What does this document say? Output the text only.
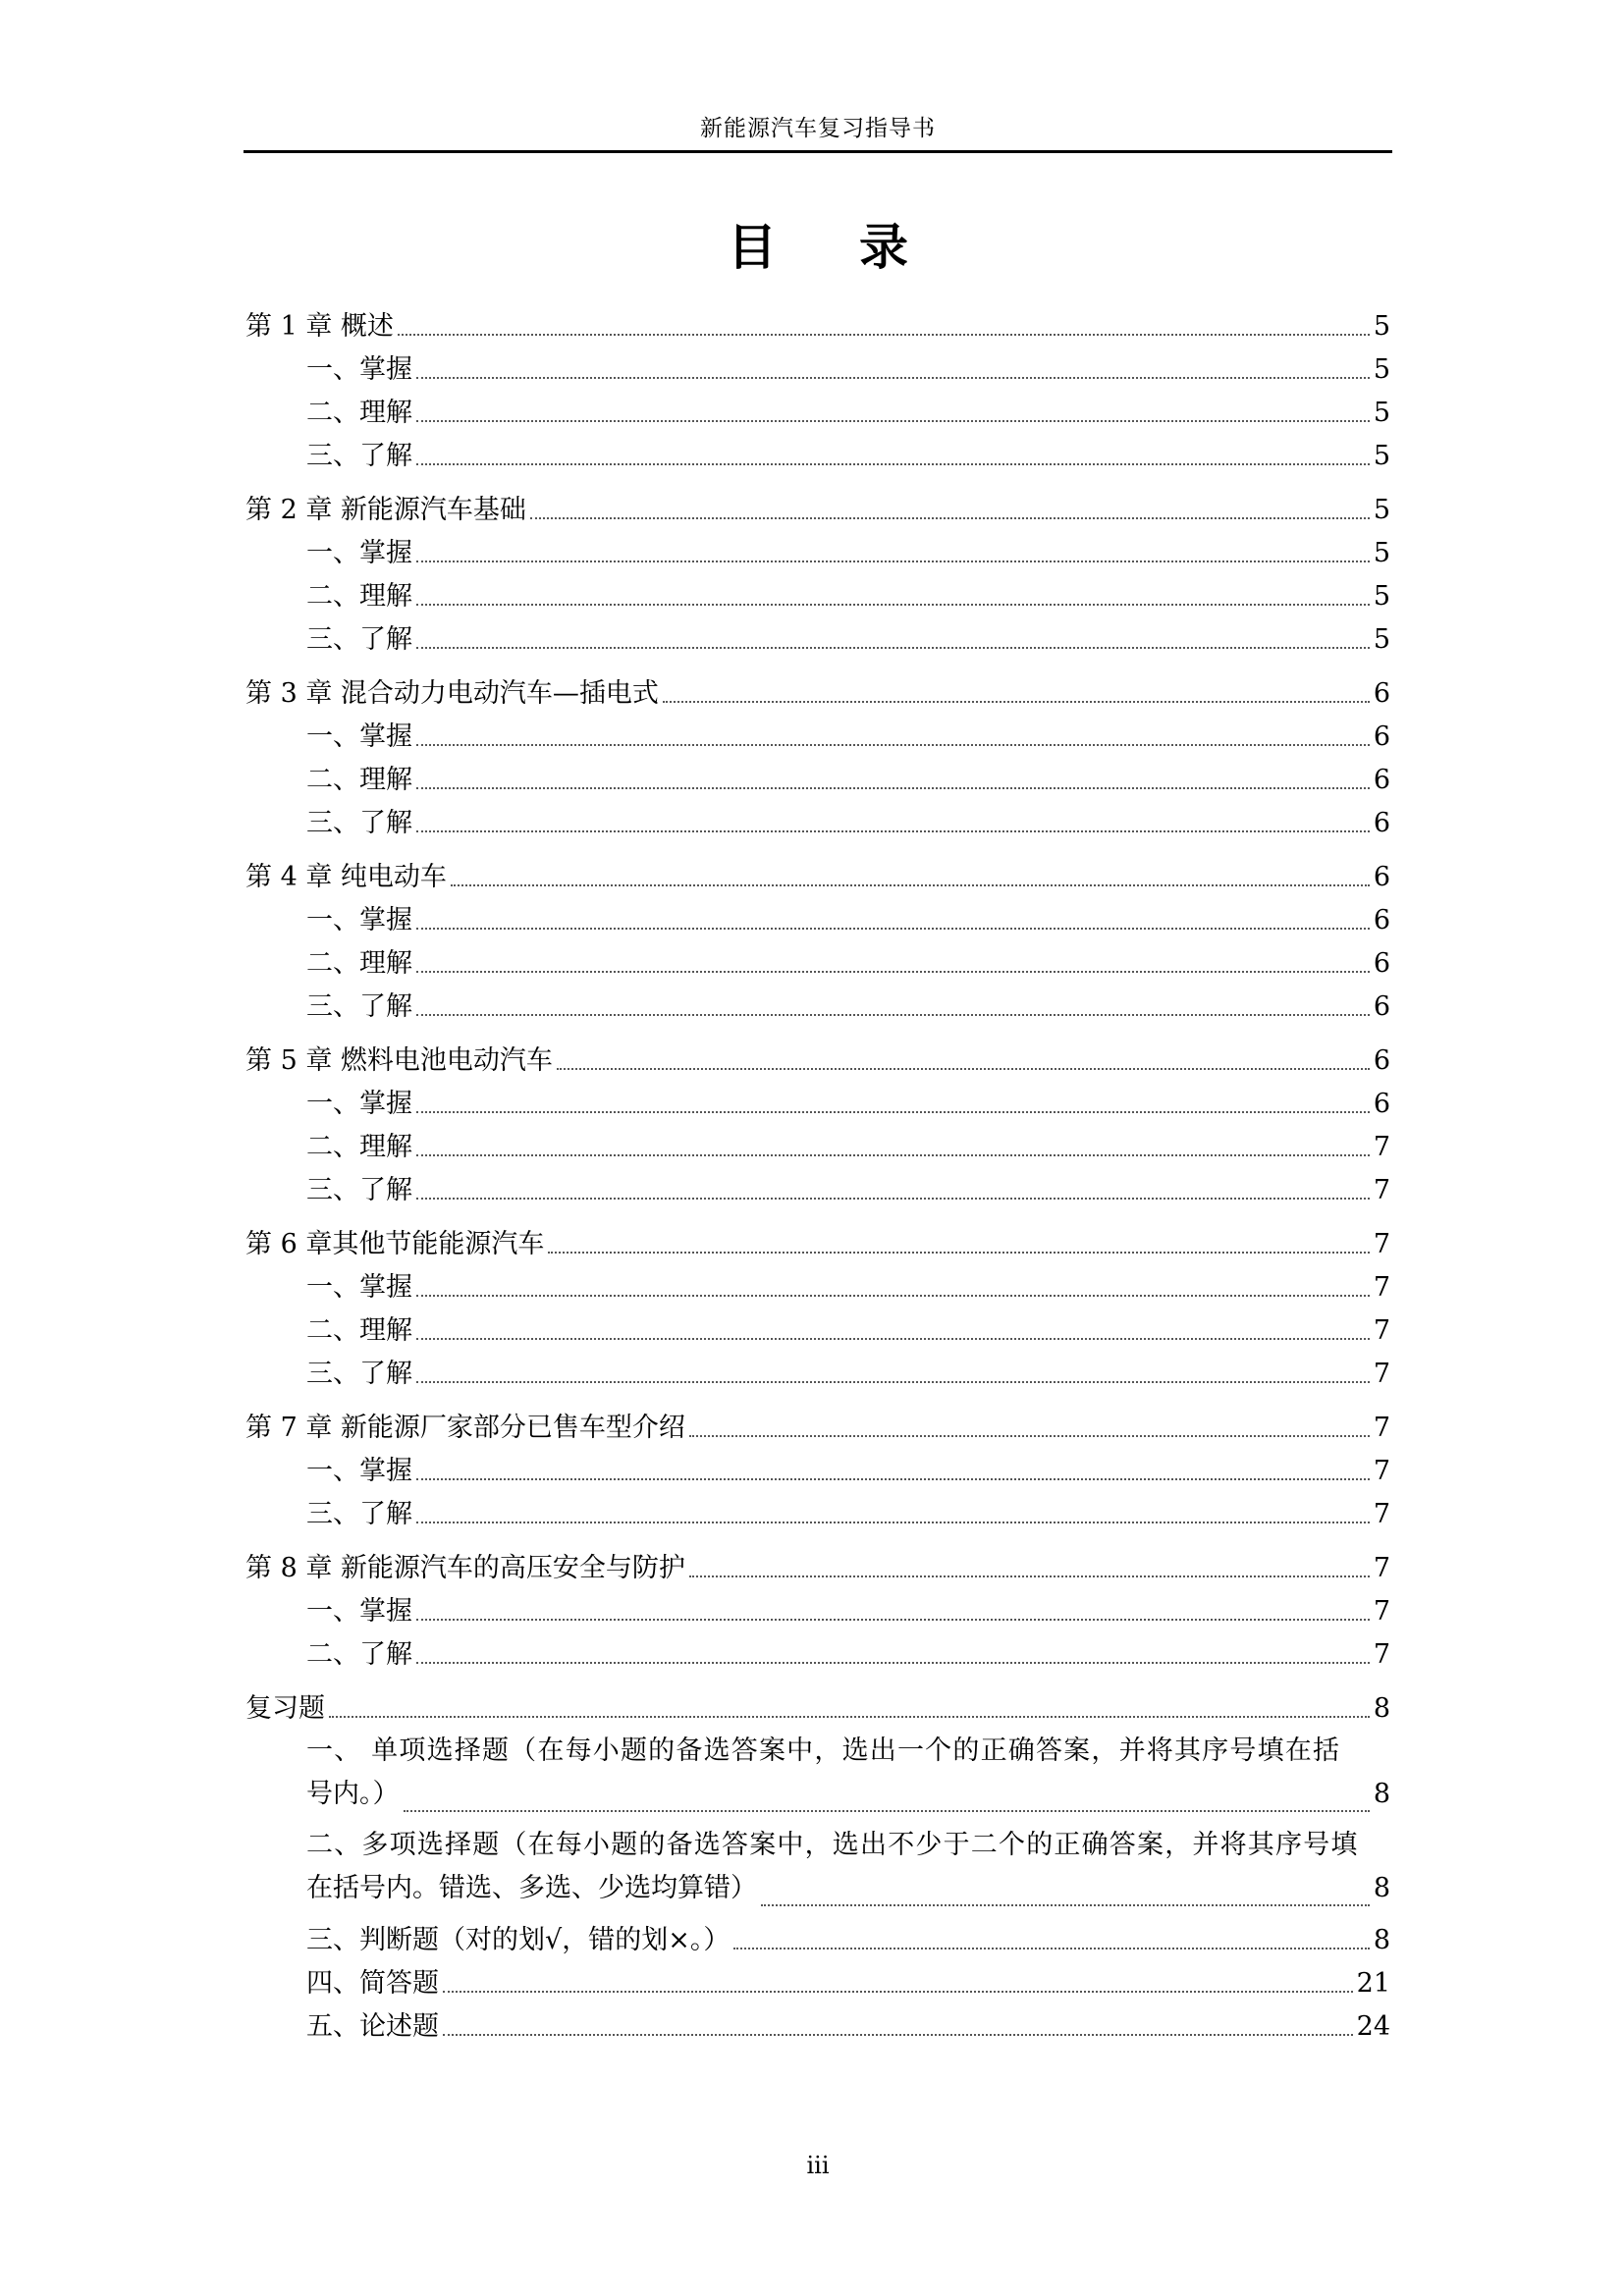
新能源汽车复习指导书
目录
第 1 章 概述	5
一、掌握	5
二、理解	5
三、了解	5
第 2 章 新能源汽车基础	5
一、掌握	5
二、理解	5
三、了解	5
第 3 章 混合动力电动汽车—插电式	6
一、掌握	6
二、理解	6
三、了解	6
第 4 章 纯电动车	6
一、掌握	6
二、理解	6
三、了解	6
第 5 章 燃料电池电动汽车	6
一、掌握	6
二、理解	7
三、了解	7
第 6 章其他节能能源汽车	7
一、掌握	7
二、理解	7
三、了解	7
第 7 章 新能源厂家部分已售车型介绍	7
一、掌握	7
三、了解	7
第 8 章 新能源汽车的高压安全与防护	7
一、掌握	7
二、了解	7
复习题	8
一、 单项选择题（在每小题的备选答案中，选出一个的正确答案，并将其序号填在括
号内。）	8
二、多项选择题（在每小题的备选答案中，选出不少于二个的正确答案，并将其序号填
在括号内。错选、多选、少选均算错）	8
三、判断题（对的划√，错的划×。）	8
四、简答题	21
五、论述题	24
iii
